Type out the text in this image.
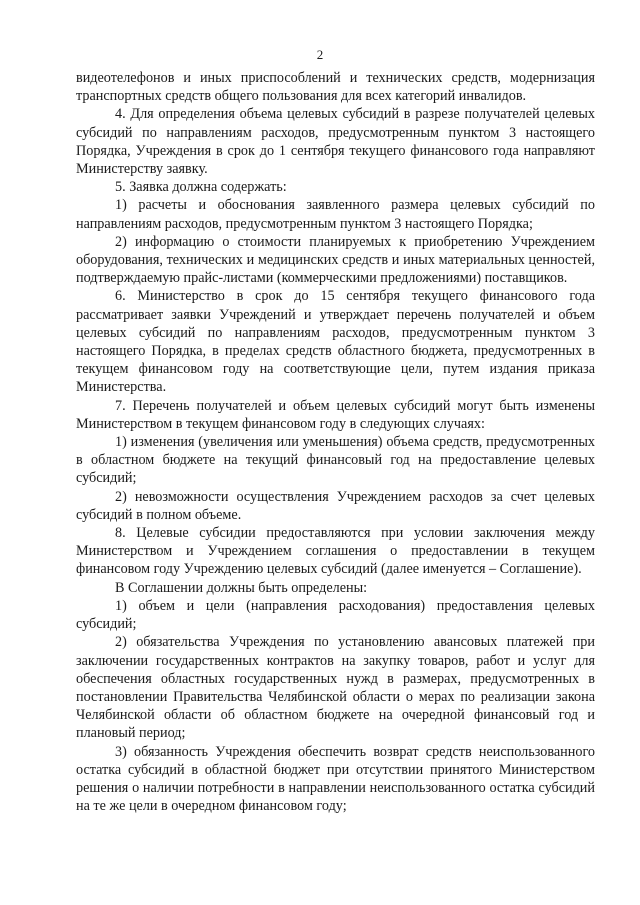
2

видеотелефонов и иных приспособлений и технических средств, модернизация транспортных средств общего пользования для всех категорий инвалидов.

4. Для определения объема целевых субсидий в разрезе получателей целевых субсидий по направлениям расходов, предусмотренным пунктом 3 настоящего Порядка, Учреждения в срок до 1 сентября текущего финансового года направляют Министерству заявку.

5. Заявка должна содержать:

1) расчеты и обоснования заявленного размера целевых субсидий по направлениям расходов, предусмотренным пунктом 3 настоящего Порядка;

2) информацию о стоимости планируемых к приобретению Учреждением оборудования, технических и медицинских средств и иных материальных ценностей, подтверждаемую прайс-листами (коммерческими предложениями) поставщиков.

6. Министерство в срок до 15 сентября текущего финансового года рассматривает заявки Учреждений и утверждает перечень получателей и объем целевых субсидий по направлениям расходов, предусмотренным пунктом 3 настоящего Порядка, в пределах средств областного бюджета, предусмотренных в текущем финансовом году на соответствующие цели, путем издания приказа Министерства.

7. Перечень получателей и объем целевых субсидий могут быть изменены Министерством в текущем финансовом году в следующих случаях:

1) изменения (увеличения или уменьшения) объема средств, предусмотренных в областном бюджете на текущий финансовый год на предоставление целевых субсидий;

2) невозможности осуществления Учреждением расходов за счет целевых субсидий в полном объеме.

8. Целевые субсидии предоставляются при условии заключения между Министерством и Учреждением соглашения о предоставлении в текущем финансовом году Учреждению целевых субсидий (далее именуется – Соглашение).

В Соглашении должны быть определены:

1) объем и цели (направления расходования) предоставления целевых субсидий;

2) обязательства Учреждения по установлению авансовых платежей при заключении государственных контрактов на закупку товаров, работ и услуг для обеспечения областных государственных нужд в размерах, предусмотренных в постановлении Правительства Челябинской области о мерах по реализации закона Челябинской области об областном бюджете на очередной финансовый год и плановый период;

3) обязанность Учреждения обеспечить возврат средств неиспользованного остатка субсидий в областной бюджет при отсутствии принятого Министерством решения о наличии потребности в направлении неиспользованного остатка субсидий на те же цели в очередном финансовом году;
